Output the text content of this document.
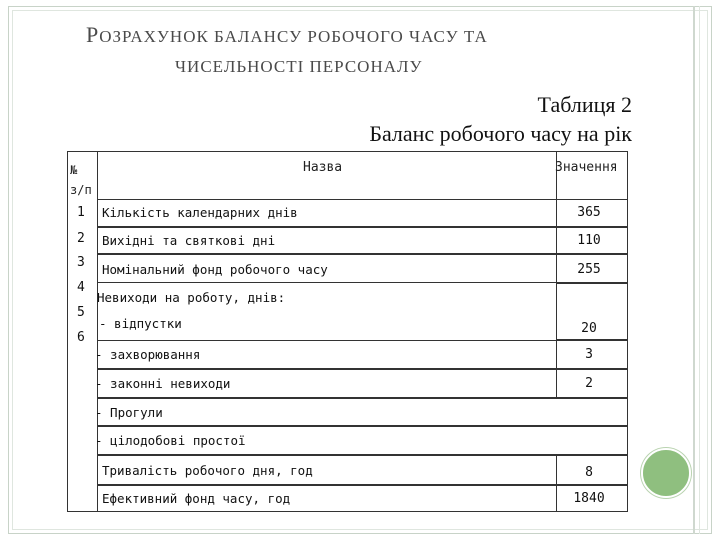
РОЗРАХУНОК БАЛАНСУ РОБОЧОГО ЧАСУ ТА
ЧИСЕЛЬНОСТІ ПЕРСОНАЛУ
Таблиця 2
Баланс робочого часу на рік
№
з/п
Назва	Значення
1
2
3
4
5
6
Кількість календарних днів
Вихідні та святкові дні
Номінальний фонд робочого часу
Невиходи на роботу, днів:
- відпустки
- захворювання
- законні невиходи
- Прогули
- цілодобові простої
Тривалість робочого дня, год
Ефективний фонд часу, год
365
110
255
20
3
2
8
1840
